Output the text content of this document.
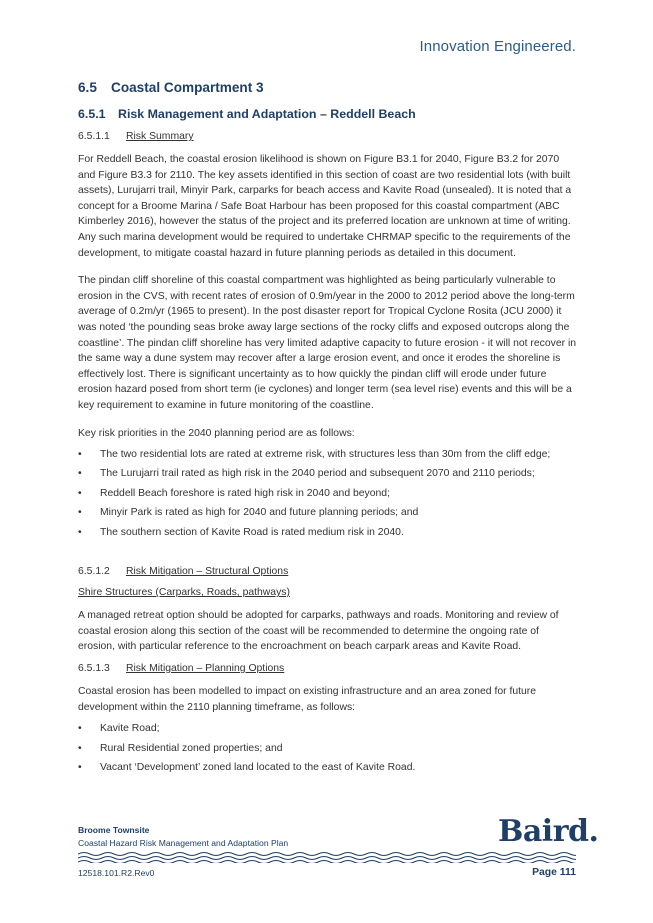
Innovation Engineered.
6.5	Coastal Compartment 3
6.5.1	Risk Management and Adaptation – Reddell Beach
6.5.1.1	Risk Summary

For Reddell Beach, the coastal erosion likelihood is shown on Figure B3.1 for 2040, Figure B3.2 for 2070 and Figure B3.3 for 2110. The key assets identified in this section of coast are two residential lots (with built assets), Lurujarri trail, Minyir Park, carparks for beach access and Kavite Road (unsealed). It is noted that a concept for a Broome Marina / Safe Boat Harbour has been proposed for this coastal compartment (ABC Kimberley 2016), however the status of the project and its preferred location are unknown at time of writing. Any such marina development would be required to undertake CHRMAP specific to the requirements of the development, to mitigate coastal hazard in future planning periods as detailed in this document.

The pindan cliff shoreline of this coastal compartment was highlighted as being particularly vulnerable to erosion in the CVS, with recent rates of erosion of 0.9m/year in the 2000 to 2012 period above the long-term average of 0.2m/yr (1965 to present). In the post disaster report for Tropical Cyclone Rosita (JCU 2000) it was noted ‘the pounding seas broke away large sections of the rocky cliffs and exposed outcrops along the coastline’. The pindan cliff shoreline has very limited adaptive capacity to future erosion - it will not recover in the same way a dune system may recover after a large erosion event, and once it erodes the shoreline is effectively lost. There is significant uncertainty as to how quickly the pindan cliff will erode under future erosion hazard posed from short term (ie cyclones) and longer term (sea level rise) events and this will be a key requirement to examine in future monitoring of the coastline.

Key risk priorities in the 2040 planning period are as follows:

•	The two residential lots are rated at extreme risk, with structures less than 30m from the cliff edge;
•	The Lurujarri trail rated as high risk in the 2040 period and subsequent 2070 and 2110 periods;
•	Reddell Beach foreshore is rated high risk in 2040 and beyond;
•	Minyir Park is rated as high for 2040 and future planning periods; and
•	The southern section of Kavite Road is rated medium risk in 2040.
6.5.1.2	Risk Mitigation – Structural Options
Shire Structures (Carparks, Roads, pathways)

A managed retreat option should be adopted for carparks, pathways and roads. Monitoring and review of coastal erosion along this section of the coast will be recommended to determine the ongoing rate of erosion, with particular reference to the encroachment on beach carpark areas and Kavite Road.

6.5.1.3	Risk Mitigation – Planning Options

Coastal erosion has been modelled to impact on existing infrastructure and an area zoned for future development within the 2110 planning timeframe, as follows:

•	Kavite Road;
•	Rural Residential zoned properties; and
•	Vacant ‘Development’ zoned land located to the east of Kavite Road.
Broome Townsite
Coastal Hazard Risk Management and Adaptation Plan	Baird.
12518.101.R2.Rev0	Page 111
